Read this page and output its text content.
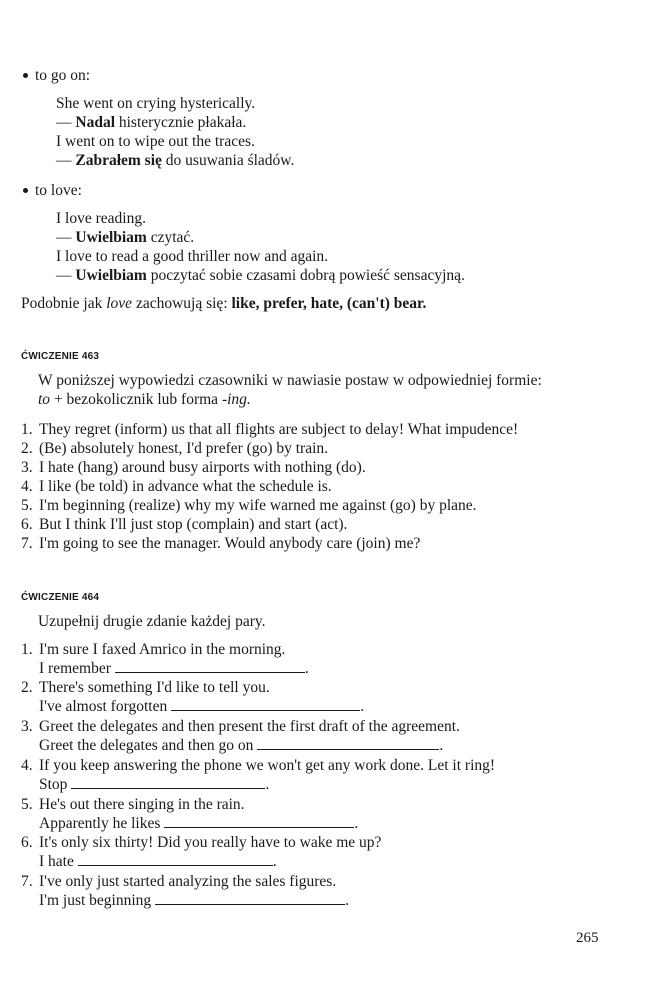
to go on:
She went on crying hysterically.
— Nadal histerycznie płakała.
I went on to wipe out the traces.
— Zabrałem się do usuwania śladów.
to love:
I love reading.
— Uwielbiam czytać.
I love to read a good thriller now and again.
— Uwielbiam poczytać sobie czasami dobrą powieść sensacyjną.
Podobnie jak love zachowują się: like, prefer, hate, (can't) bear.
ĆWICZENIE 463
W poniższej wypowiedzi czasowniki w nawiasie postaw w odpowiedniej formie:
to + bezokolicznik lub forma -ing.
1. They regret (inform) us that all flights are subject to delay! What impudence!
2. (Be) absolutely honest, I'd prefer (go) by train.
3. I hate (hang) around busy airports with nothing (do).
4. I like (be told) in advance what the schedule is.
5. I'm beginning (realize) why my wife warned me against (go) by plane.
6. But I think I'll just stop (complain) and start (act).
7. I'm going to see the manager. Would anybody care (join) me?
ĆWICZENIE 464
Uzupełnij drugie zdanie każdej pary.
1. I'm sure I faxed Amrico in the morning.
I remember	.
2. There's something I'd like to tell you.
I've almost forgotten	.
3. Greet the delegates and then present the first draft of the agreement.
Greet the delegates and then go on	.
4. If you keep answering the phone we won't get any work done. Let it ring!
Stop	.
5. He's out there singing in the rain.
Apparently he likes	.
6. It's only six thirty! Did you really have to wake me up?
I hate	.
7. I've only just started analyzing the sales figures.
I'm just beginning	.
265
